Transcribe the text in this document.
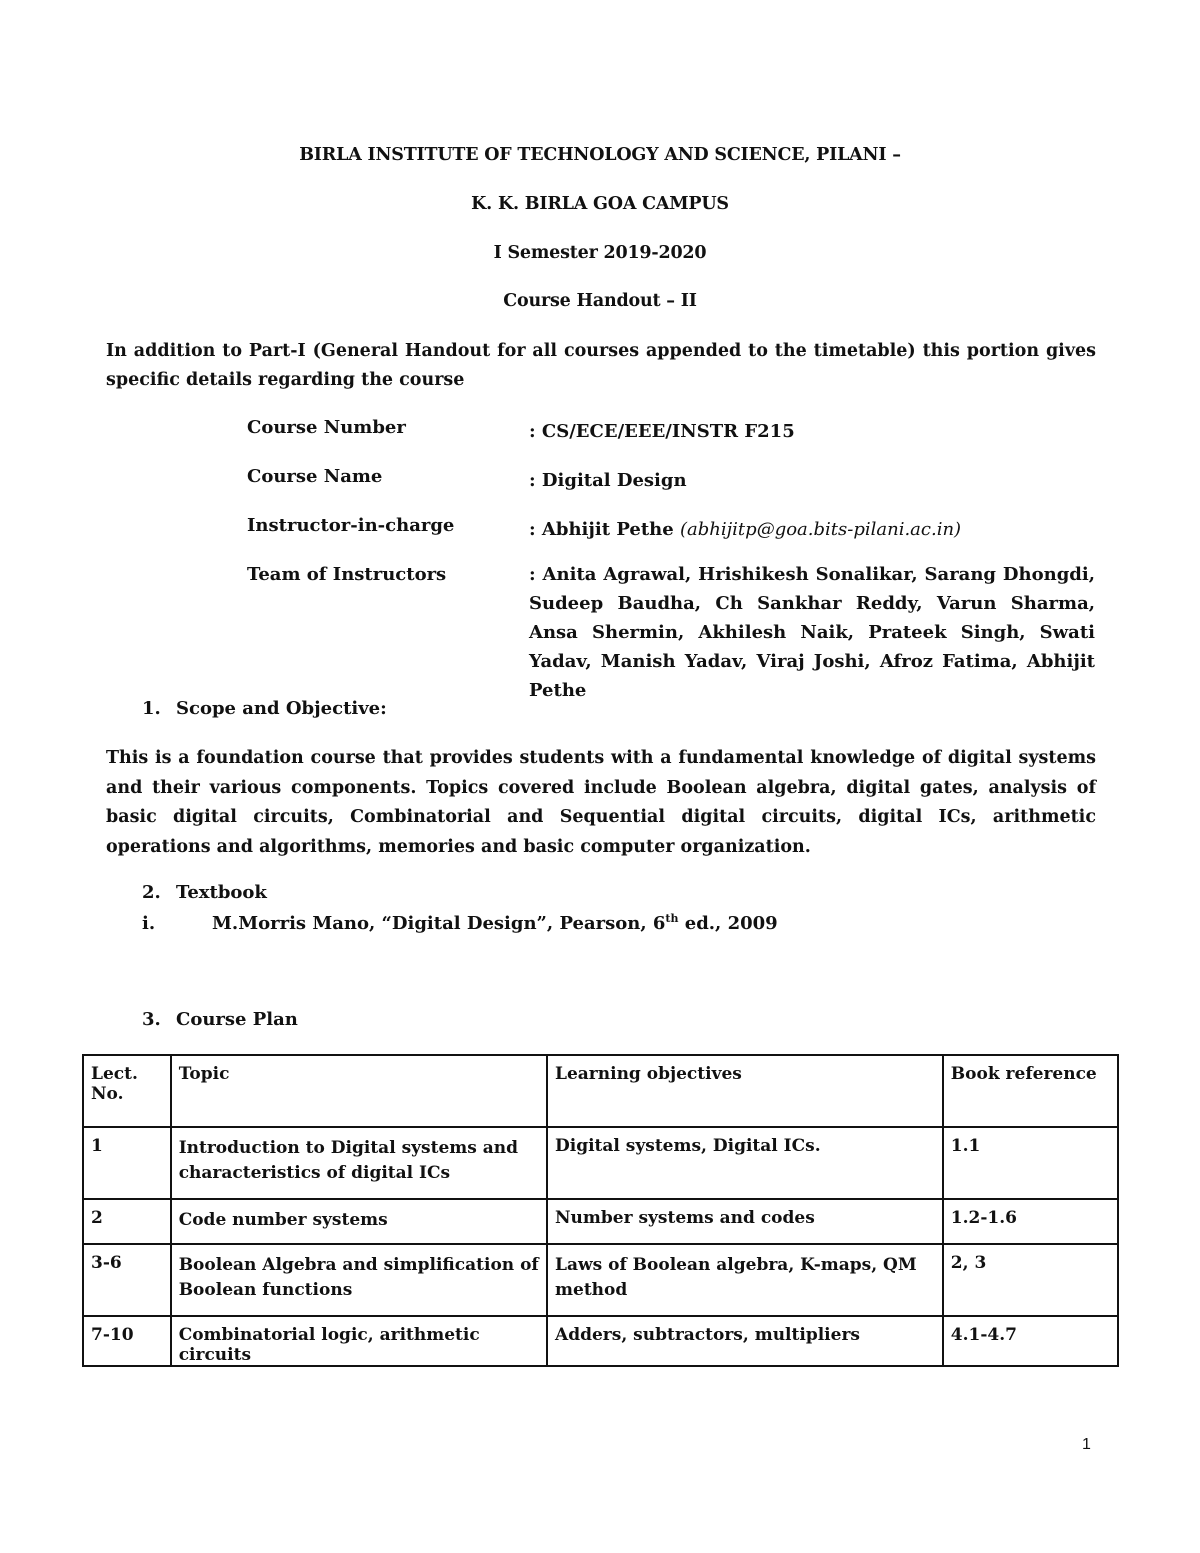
BIRLA INSTITUTE OF TECHNOLOGY AND SCIENCE, PILANI –
K. K. BIRLA GOA CAMPUS
I Semester 2019-2020
Course Handout – II
In addition to Part-I (General Handout for all courses appended to the timetable) this portion gives specific details regarding the course
Course Number	: CS/ECE/EEE/INSTR F215
Course Name	: Digital Design
Instructor-in-charge	: Abhijit Pethe (abhijitp@goa.bits-pilani.ac.in)
Team of Instructors	: Anita Agrawal, Hrishikesh Sonalikar, Sarang Dhongdi, Sudeep Baudha, Ch Sankhar Reddy, Varun Sharma, Ansa Shermin, Akhilesh Naik, Prateek Singh, Swati Yadav, Manish Yadav, Viraj Joshi, Afroz Fatima, Abhijit Pethe
1. Scope and Objective:
This is a foundation course that provides students with a fundamental knowledge of digital systems and their various components. Topics covered include Boolean algebra, digital gates, analysis of basic digital circuits, Combinatorial and Sequential digital circuits, digital ICs, arithmetic operations and algorithms, memories and basic computer organization.
2. Textbook
i.	M.Morris Mano, “Digital Design”, Pearson, 6th ed., 2009
3. Course Plan
Lect. No.	Topic	Learning objectives	Book reference
1	Introduction to Digital systems and characteristics of digital ICs	Digital systems, Digital ICs.	1.1
2	Code number systems	Number systems and codes	1.2-1.6
3-6	Boolean Algebra and simplification of Boolean functions	Laws of Boolean algebra, K-maps, QM method	2, 3
7-10	Combinatorial logic, arithmetic circuits	Adders, subtractors, multipliers	4.1-4.7
1
